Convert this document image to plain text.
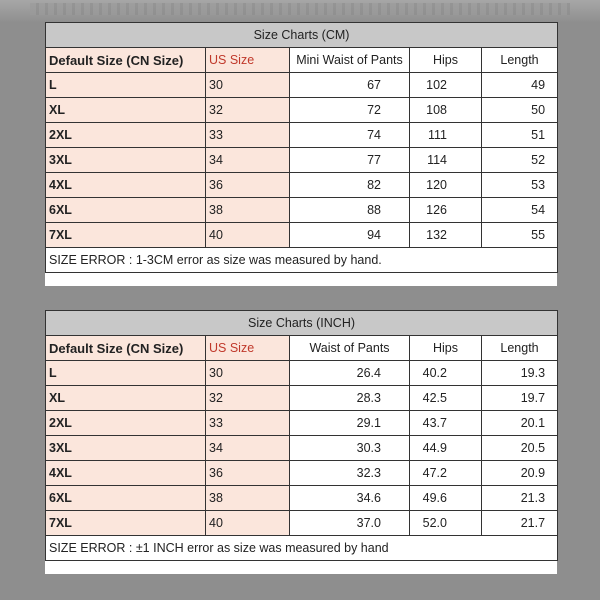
Size Charts (CM)				
Default Size (CN Size)	US Size	Mini Waist of Pants	Hips	Length
L	30	67	102	49
XL	32	72	108	50
2XL	33	74	111	51
3XL	34	77	114	52
4XL	36	82	120	53
6XL	38	88	126	54
7XL	40	94	132	55
SIZE ERROR : 1-3CM error as size was measured by hand.				
Size Charts (INCH)				
Default Size (CN Size)	US Size	Waist of Pants	Hips	Length
L	30	26.4	40.2	19.3
XL	32	28.3	42.5	19.7
2XL	33	29.1	43.7	20.1
3XL	34	30.3	44.9	20.5
4XL	36	32.3	47.2	20.9
6XL	38	34.6	49.6	21.3
7XL	40	37.0	52.0	21.7
SIZE ERROR : ±1 INCH error as size was measured by hand				
